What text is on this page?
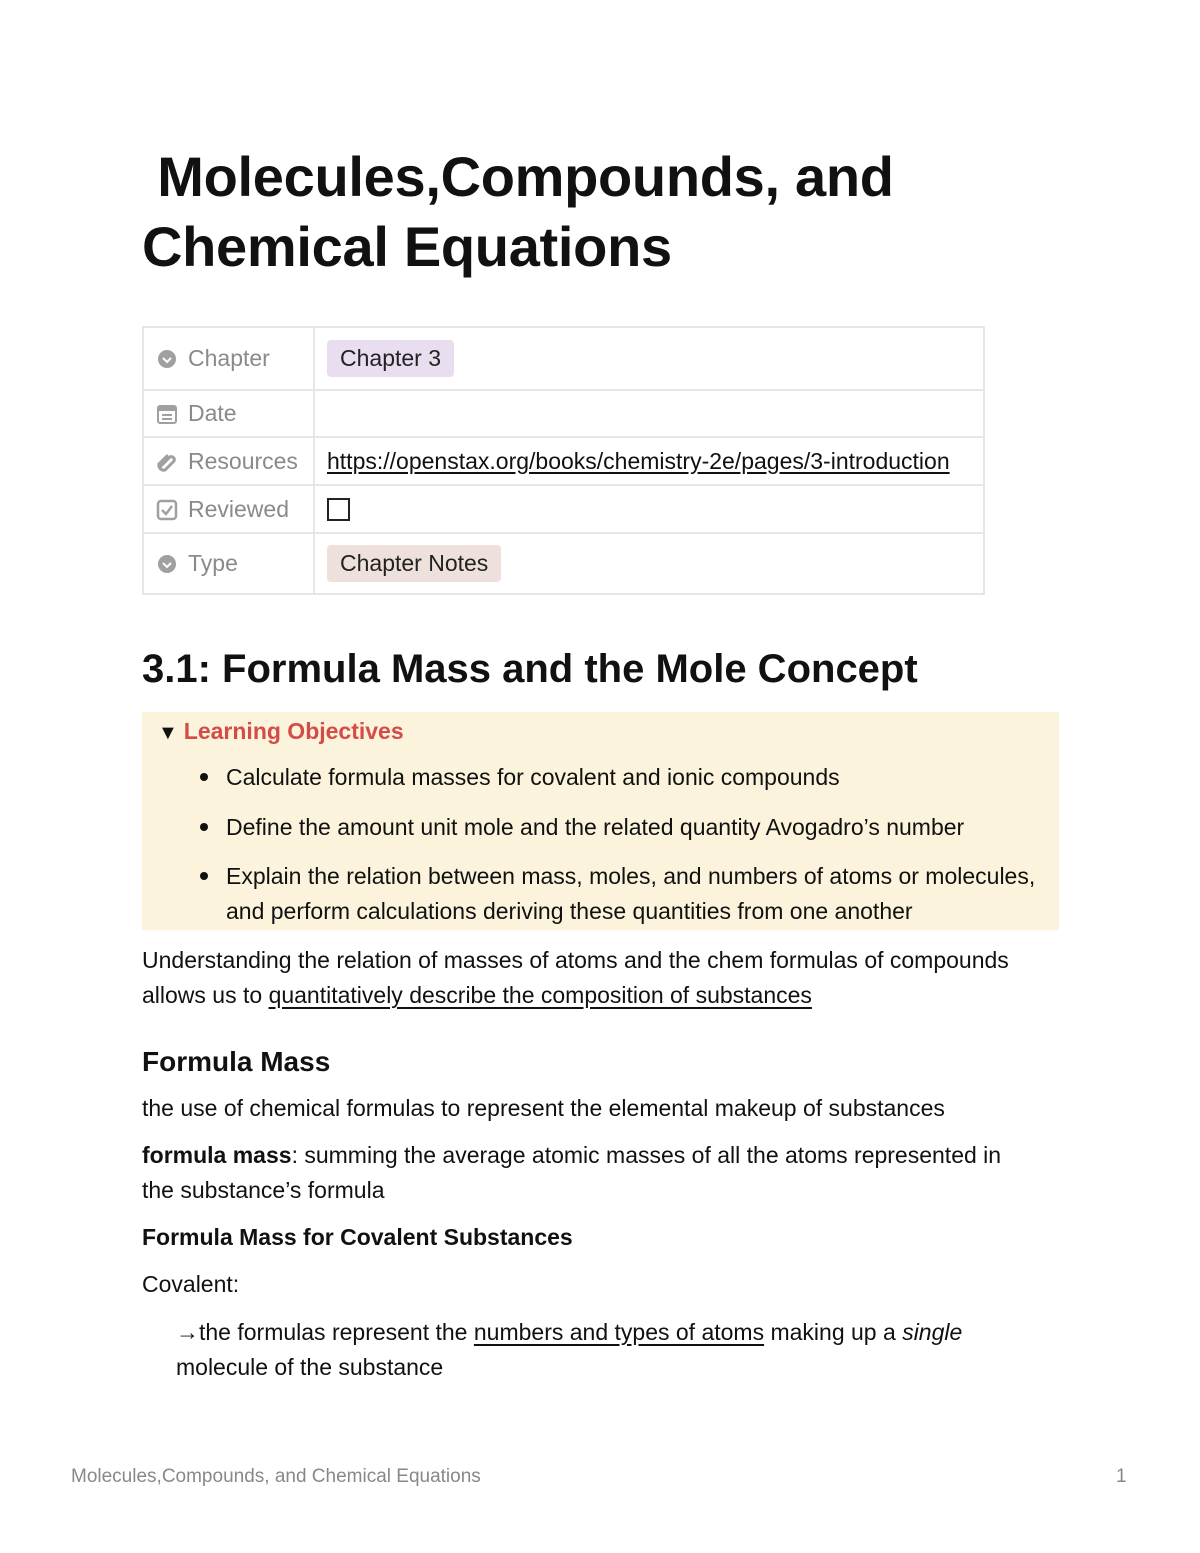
Molecules,Compounds, and
Chemical Equations
Chapter	Chapter 3
Date	
Resources	https://openstax.org/books/chemistry-2e/pages/3-introduction
Reviewed	
Type	Chapter Notes
3.1: Formula Mass and the Mole Concept
▼ Learning Objectives
Calculate formula masses for covalent and ionic compounds
Define the amount unit mole and the related quantity Avogadro’s number
Explain the relation between mass, moles, and numbers of atoms or molecules,
and perform calculations deriving these quantities from one another

Understanding the relation of masses of atoms and the chem formulas of compounds
allows us to quantitatively describe the composition of substances

Formula Mass

the use of chemical formulas to represent the elemental makeup of substances

formula mass: summing the average atomic masses of all the atoms represented in
the substance’s formula

Formula Mass for Covalent Substances

Covalent:

→the formulas represent the numbers and types of atoms making up a single
molecule of the substance

Molecules,Compounds, and Chemical Equations	1
